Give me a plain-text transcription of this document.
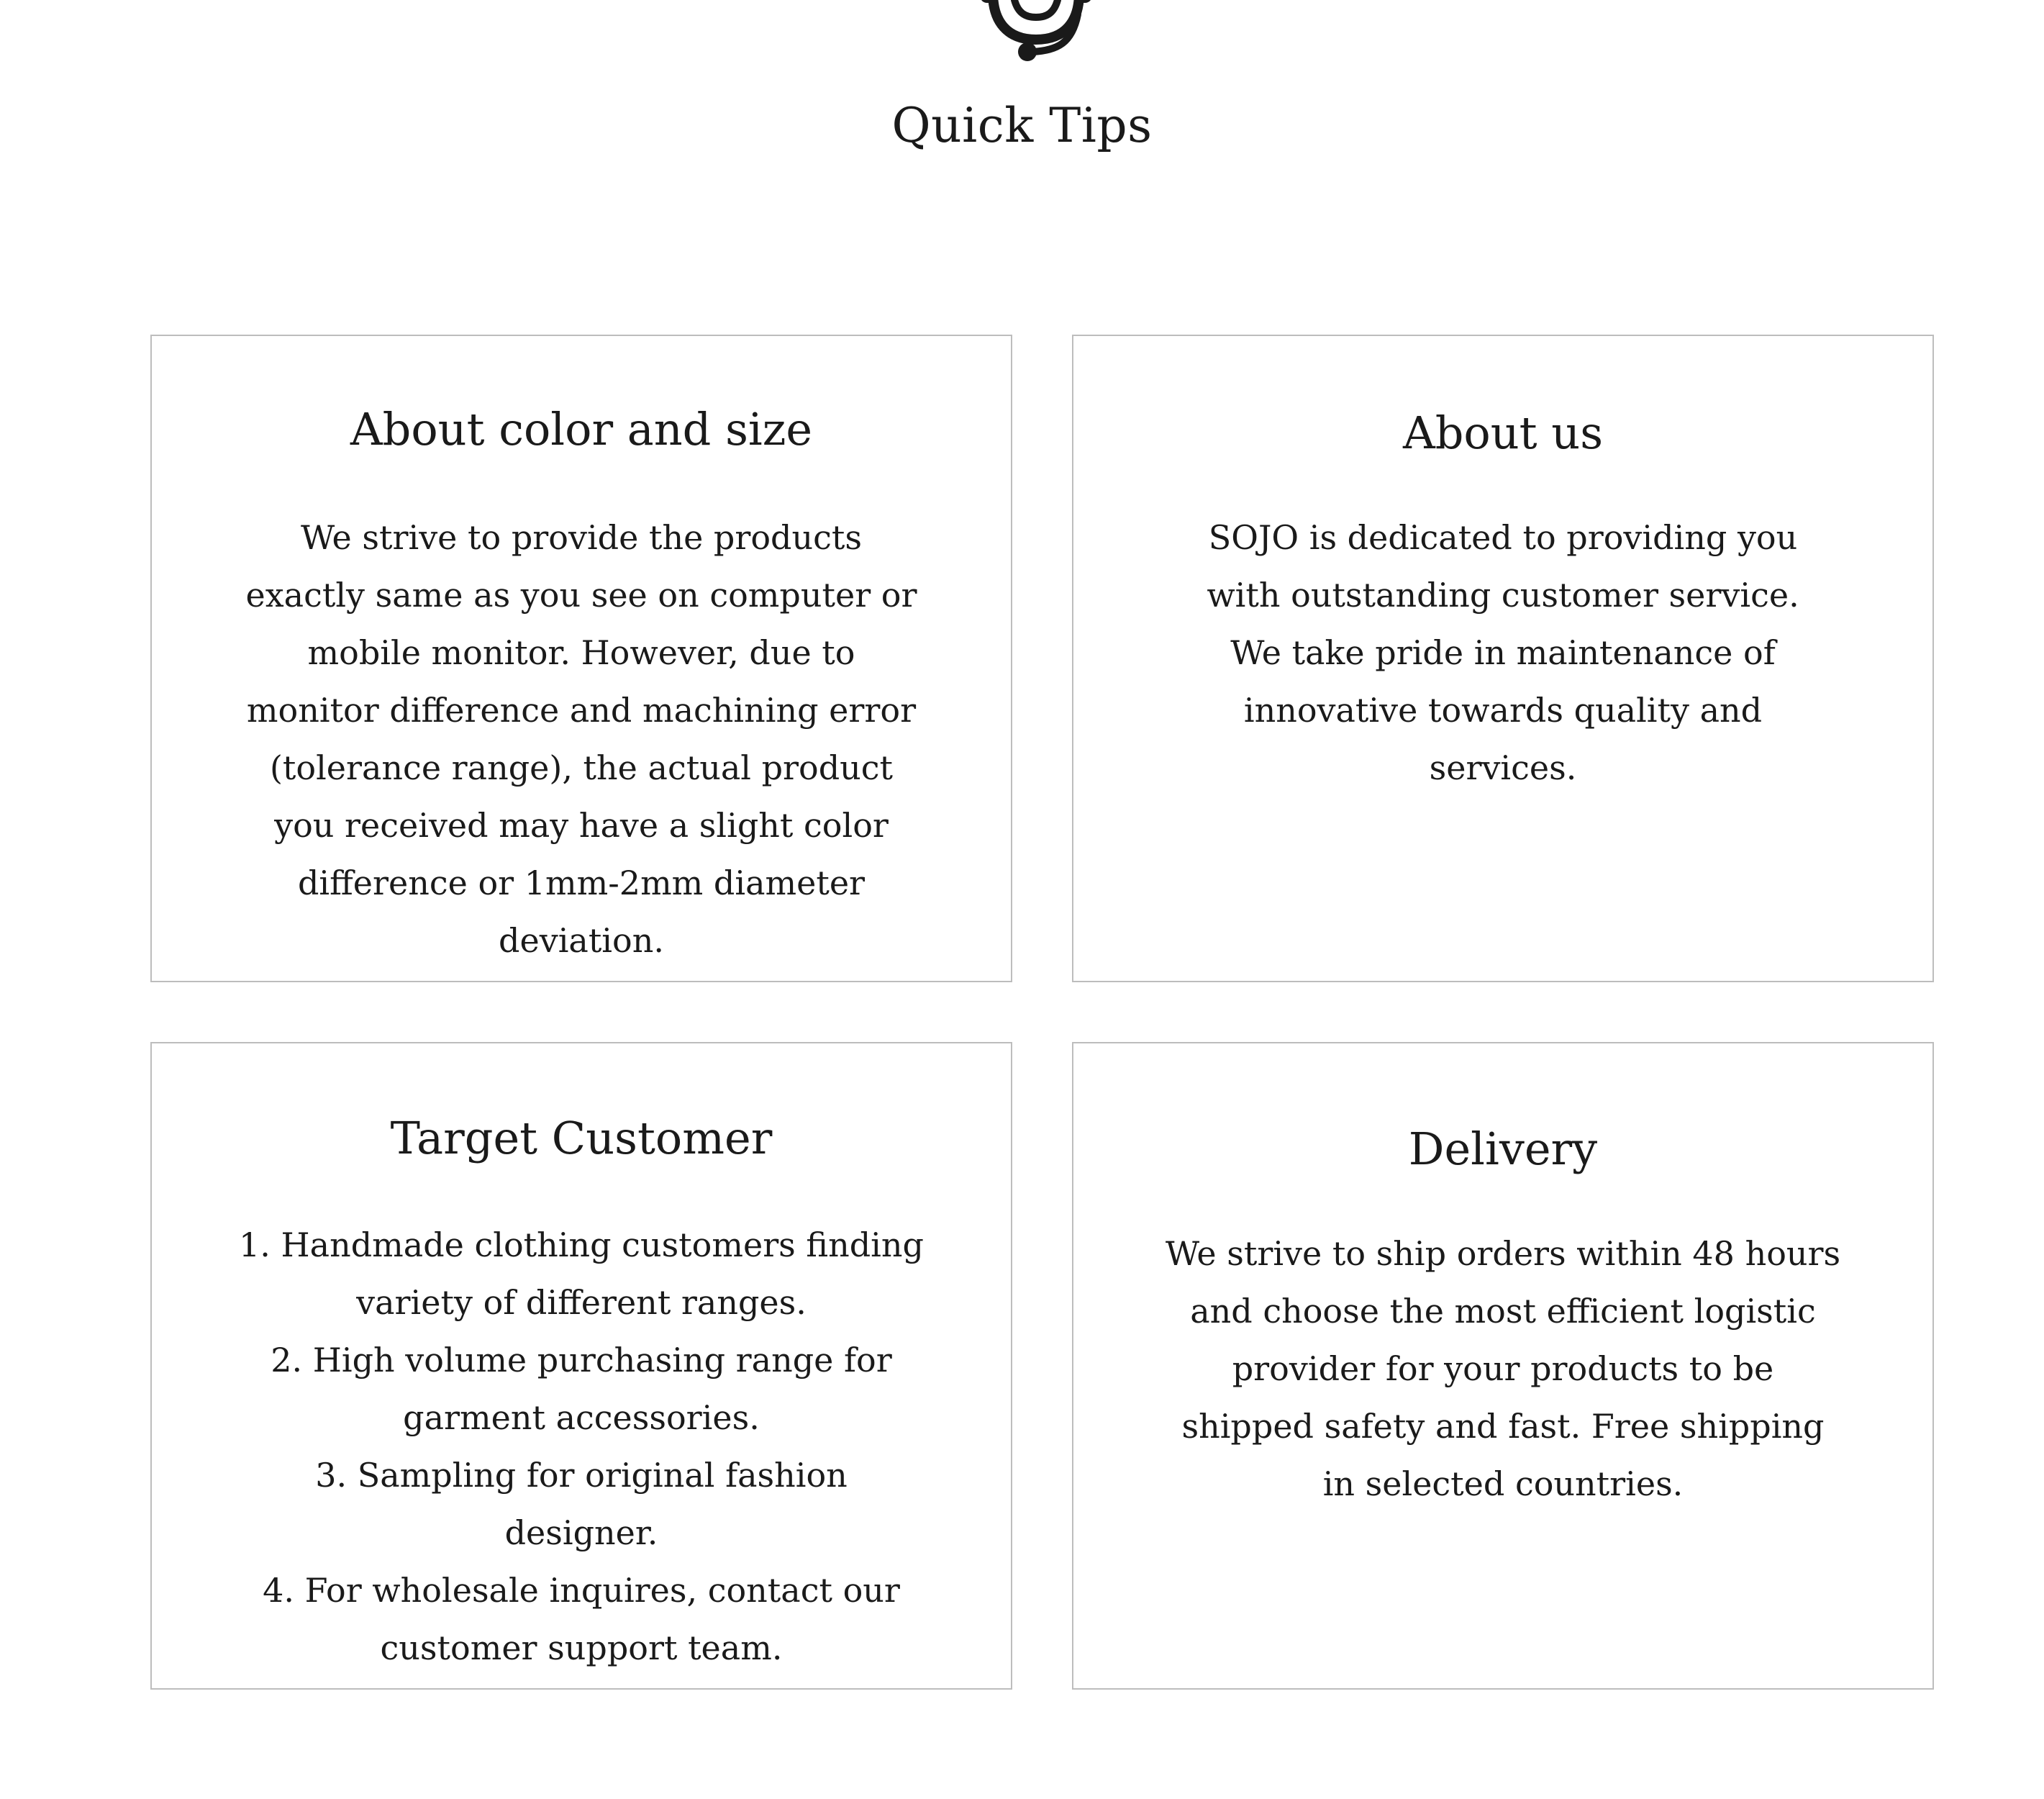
Quick Tips
About color and size

We strive to provide the products exactly same as you see on computer or mobile monitor. However, due to monitor difference and machining error (tolerance range), the actual product you received may have a slight color difference or 1mm-2mm diameter deviation.

About us

SOJO is dedicated to providing you with outstanding customer service. We take pride in maintenance of innovative towards quality and services.

Target Customer
1. Handmade clothing customers finding variety of different ranges.
2. High volume purchasing range for garment accessories.
3. Sampling for original fashion designer.
4. For wholesale inquires, contact our customer support team.
Delivery

We strive to ship orders within 48 hours and choose the most efficient logistic provider for your products to be shipped safety and fast. Free shipping in selected countries.
